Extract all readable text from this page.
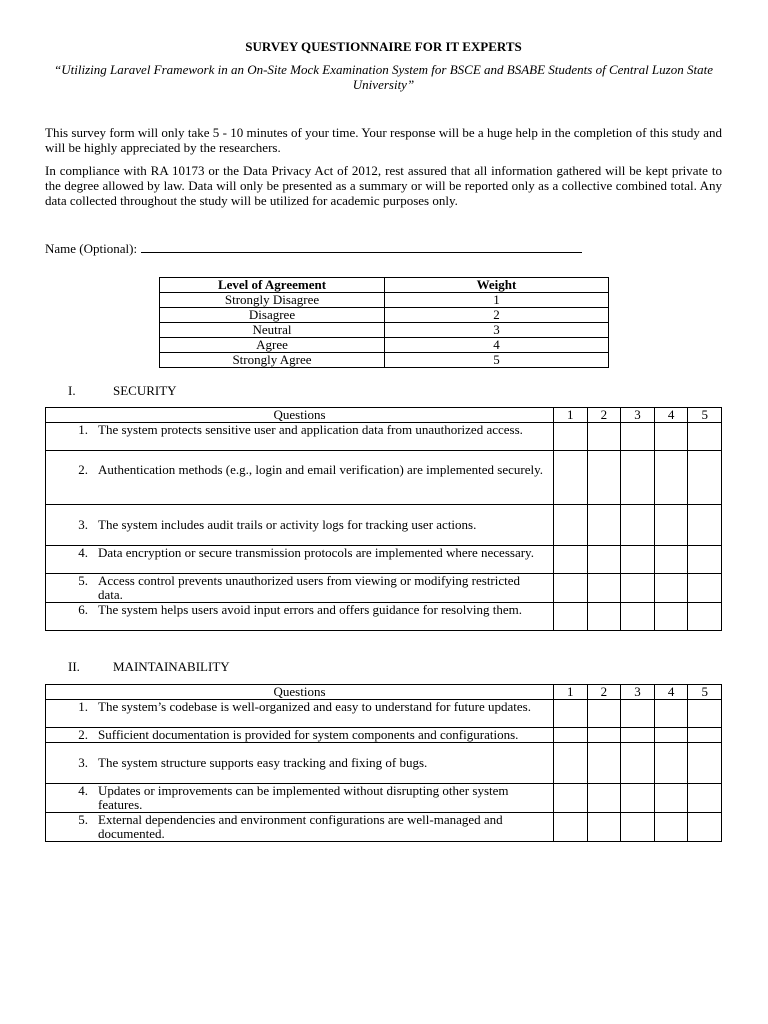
SURVEY QUESTIONNAIRE FOR IT EXPERTS
“Utilizing Laravel Framework in an On-Site Mock Examination System for BSCE and BSABE Students of Central Luzon State University”
This survey form will only take 5 - 10 minutes of your time. Your response will be a huge help in the completion of this study and will be highly appreciated by the researchers.
In compliance with RA 10173 or the Data Privacy Act of 2012, rest assured that all information gathered will be kept private to the degree allowed by law. Data will only be presented as a summary or will be reported only as a collective combined total. Any data collected throughout the study will be utilized for academic purposes only.
Name (Optional):
Level of Agreement	Weight
Strongly Disagree	1
Disagree	2
Neutral	3
Agree	4
Strongly Agree	5
I.	SECURITY
Questions	1	2	3	4	5

1. The system protects sensitive user and application data from unauthorized access.					

2. Authentication methods (e.g., login and email verification) are implemented securely.					

3. The system includes audit trails or activity logs for tracking user actions.					

4. Data encryption or secure transmission protocols are implemented where necessary.					

5. Access control prevents unauthorized users from viewing or modifying restricted data.					

6. The system helps users avoid input errors and offers guidance for resolving them.					

II.	MAINTAINABILITY
Questions	1	2	3	4	5

1. The system’s codebase is well-organized and easy to understand for future updates.					

2. Sufficient documentation is provided for system components and configurations.					

3. The system structure supports easy tracking and fixing of bugs.					

4. Updates or improvements can be implemented without disrupting other system features.					

5. External dependencies and environment configurations are well-managed and documented.					
